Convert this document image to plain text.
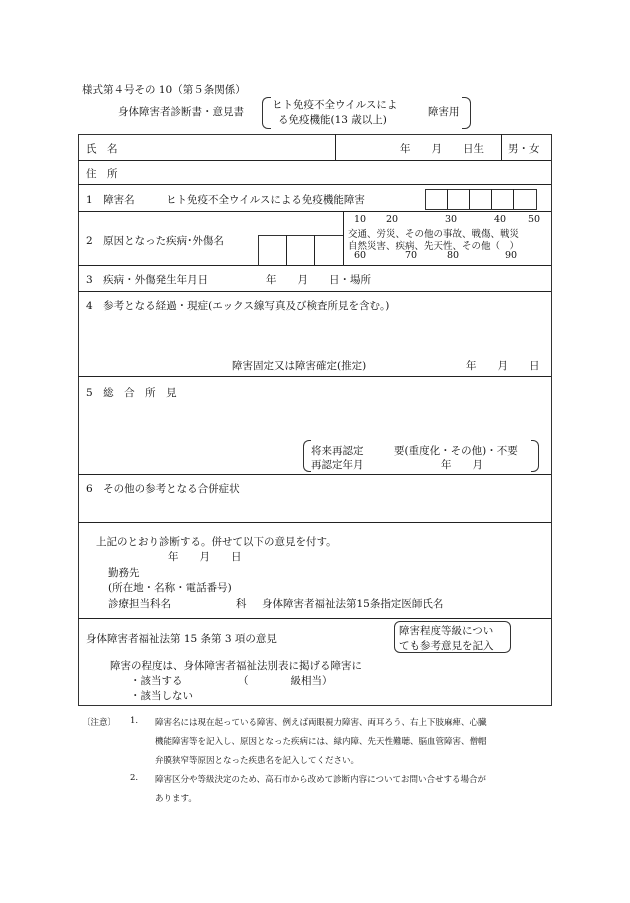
様式第４号その 10（第５条関係）
身体障害者診断書・意見書
ヒト免疫不全ウイルスによ
る免疫機能(13 歳以上)
障害用
氏　名	年　　月　　日生 男・女
住　所
1　障害名	ヒト免疫不全ウイルスによる免疫機能障害
2　原因となった疾病･外傷名
10 20	30	40 50
交通、労災、その他の事故、戦傷、戦災
自然災害、疾病、先天性、その他（　）
60	70	80	90
3　疾病・外傷発生年月日	年　　月　　日・場所
4　参考となる経過・現症(エックス線写真及び検査所見を含む。)
障害固定又は障害確定(推定)	年　　月　　日
5　総　合　所　見
将来再認定	要(重度化・その他)・不要
再認定年月	年　　月
6　その他の参考となる合併症状
上記のとおり診断する。併せて以下の意見を付す。
年　　月　　日
勤務先
(所在地・名称・電話番号)
診療担当科名	科 身体障害者福祉法第15条指定医師氏名
身体障害者福祉法第 15 条第 3 項の意見
障害程度等級につい
ても参考意見を記入
障害の程度は、身体障害者福祉法別表に掲げる障害に
・該当する	（　　　　級相当）
・該当しない
〔注意〕 1. 障害名には現在起っている障害、例えば両眼視力障害、両耳ろう、右上下肢麻痺、心臓
機能障害等を記入し、原因となった疾病には、緑内障、先天性難聴、脳血管障害、僧帽
弁膜狭窄等原因となった疾患名を記入してください。
2. 障害区分や等級決定のため、高石市から改めて診断内容についてお問い合せする場合が
あります。
